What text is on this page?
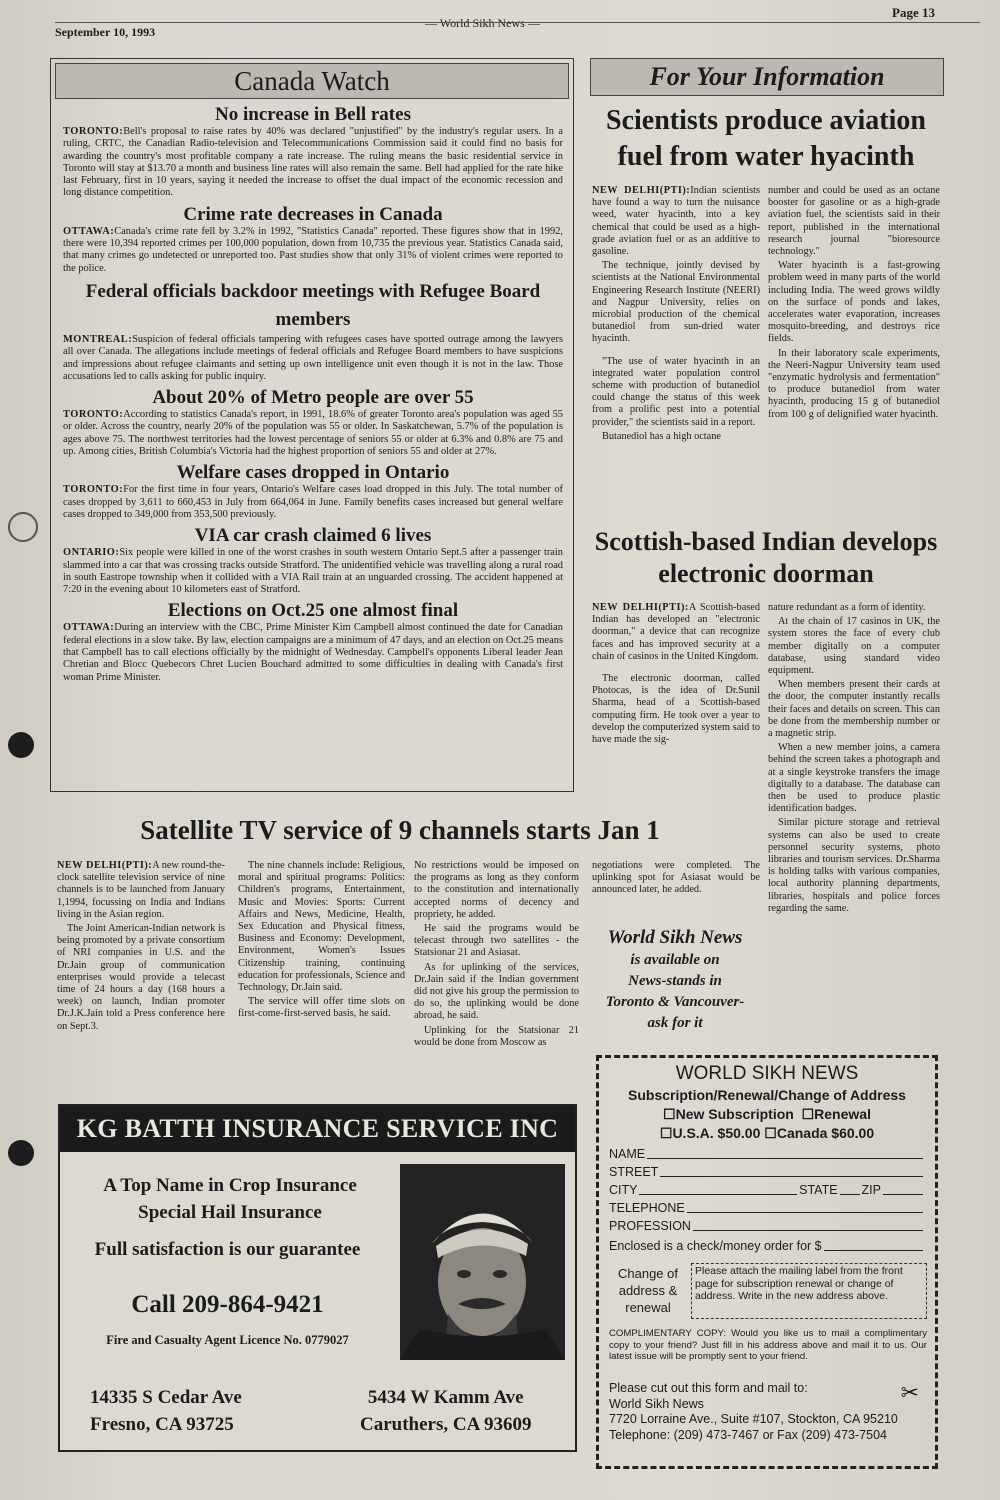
September 10, 1993
— World Sikh News —
Page 13
Canada Watch
No increase in Bell rates

TORONTO:Bell's proposal to raise rates by 40% was declared "unjustified" by the industry's regular users. In a ruling, CRTC, the Canadian Radio-television and Telecommunications Commission said it could find no basis for awarding the country's most profitable company a rate increase. The ruling means the basic residential service in Toronto will stay at $13.70 a month and business line rates will also remain the same. Bell had applied for the rate hike last February, first in 10 years, saying it needed the increase to offset the dual impact of the economic recession and long distance competition.

Crime rate decreases in Canada

OTTAWA:Canada's crime rate fell by 3.2% in 1992, "Statistics Canada" reported. These figures show that in 1992, there were 10,394 reported crimes per 100,000 population, down from 10,735 the previous year. Statistics Canada said, that many crimes go undetected or unreported too. Past studies show that only 31% of violent crimes were reported to the police.

Federal officials backdoor meetings with Refugee Board members

MONTREAL:Suspicion of federal officials tampering with refugees cases have sported outrage among the lawyers all over Canada. The allegations include meetings of federal officials and Refugee Board members to have suspicions and impressions about refugee claimants and setting up own intelligence unit even though it is not in the law. Those accusations led to calls asking for public inquiry.

About 20% of Metro people are over 55

TORONTO:According to statistics Canada's report, in 1991, 18.6% of greater Toronto area's population was aged 55 or older. Across the country, nearly 20% of the population was 55 or older. In Saskatchewan, 5.7% of the population is ages above 75. The northwest territories had the lowest percentage of seniors 55 or older at 6.3% and 0.8% are 75 and up. Among cities, British Columbia's Victoria had the highest proportion of seniors 55 and older at 27%.

Welfare cases dropped in Ontario

TORONTO:For the first time in four years, Ontario's Welfare cases load dropped in this July. The total number of cases dropped by 3,611 to 660,453 in July from 664,064 in June. Family benefits cases increased but general welfare cases dropped to 349,000 from 353,500 previously.

VIA car crash claimed 6 lives

ONTARIO:Six people were killed in one of the worst crashes in south western Ontario Sept.5 after a passenger train slammed into a car that was crossing tracks outside Stratford. The unidentified vehicle was travelling along a rural road in south Eastrope township when it collided with a VIA Rail train at an unguarded crossing. The accident happened at 7:20 in the evening about 10 kilometers east of Stratford.

Elections on Oct.25 one almost final

OTTAWA:During an interview with the CBC, Prime Minister Kim Campbell almost continued the date for Canadian federal elections in a slow take. By law, election campaigns are a minimum of 47 days, and an election on Oct.25 means that Campbell has to call elections officially by the midnight of Wednesday. Campbell's opponents Liberal leader Jean Chretian and Blocc Quebecors Chret Lucien Bouchard admitted to some difficulties in dealing with Canada's first woman Prime Minister.

For Your Information
Scientists produce aviation fuel from water hyacinth

NEW DELHI(PTI):Indian scientists have found a way to turn the nuisance weed, water hyacinth, into a key chemical that could be used as a high-grade aviation fuel or as an additive to gasoline.

The technique, jointly devised by scientists at the National Environmental Engineering Research Institute (NEERI) and Nagpur University, relies on microbial production of the chemical butanediol from sun-dried water hyacinth.

"The use of water hyacinth in an integrated water population control scheme with production of butanediol could change the status of this week from a prolific pest into a potential provider," the scientists said in a report.

Butanediol has a high octane

number and could be used as an octane booster for gasoline or as a high-grade aviation fuel, the scientists said in their report, published in the international research journal "bioresource technology."

Water hyacinth is a fast-growing problem weed in many parts of the world including India. The weed grows wildly on the surface of ponds and lakes, accelerates water evaporation, increases mosquito-breeding, and destroys rice fields.

In their laboratory scale experiments, the Neeri-Nagpur University team used "enzymatic hydrolysis and fermentation" to produce butanediol from water hyacinth, producing 15 g of butanediol from 100 g of delignified water hyacinth.

Scottish-based Indian develops electronic doorman

NEW DELHI(PTI):A Scottish-based Indian has developed an "electronic doorman," a device that can recognize faces and has improved security at a chain of casinos in the United Kingdom.

The electronic doorman, called Photocas, is the idea of Dr.Sunil Sharma, head of a Scottish-based computing firm. He took over a year to develop the computerized system said to have made the sig-

nature redundant as a form of identity.

At the chain of 17 casinos in UK, the system stores the face of every club member digitally on a computer database, using standard video equipment.

When members present their cards at the door, the computer instantly recalls their faces and details on screen. This can be done from the membership number or a magnetic strip.

When a new member joins, a camera behind the screen takes a photograph and at a single keystroke transfers the image digitally to a database. The database can then be used to produce plastic identification badges.

Similar picture storage and retrieval systems can also be used to create personnel security systems, photo libraries and tourism services. Dr.Sharma is holding talks with various companies, local authority planning departments, libraries, hospitals and police forces regarding the same.

Satellite TV service of 9 channels starts Jan 1

NEW DELHI(PTI):A new round-the-clock satellite television service of nine channels is to be launched from January 1,1994, focussing on India and Indians living in the Asian region.

The Joint American-Indian network is being promoted by a private consortium of NRI companies in U.S. and the Dr.Jain group of communication enterprises would provide a telecast time of 24 hours a day (168 hours a week) on launch, Indian promoter Dr.J.K.Jain told a Press conference here on Sept.3.

The nine channels include: Religious, moral and spiritual programs: Politics: Children's programs, Entertainment, Music and Movies: Sports: Current Affairs and News, Medicine, Health, Sex Education and Physical fitness, Business and Economy: Development, Environment, Women's Issues Citizenship training, continuing education for professionals, Science and Technology, Dr.Jain said.

The service will offer time slots on first-come-first-served basis, he said.

No restrictions would be imposed on the programs as long as they conform to the constitution and internationally accepted norms of decency and propriety, he added.

He said the programs would be telecast through two satellites - the Statsionar 21 and Asiasat.

As for uplinking of the services, Dr.Jain said if the Indian government did not give his group the permission to do so, the uplinking would be done abroad, he said.

Uplinking for the Statsionar 21 would be done from Moscow as

negotiations were completed. The uplinking spot for Asiasat would be announced later, he added.

World Sikh News
is available on
News-stands in
Toronto & Vancouver-
ask for it
KG BATTH INSURANCE SERVICE INC
A Top Name in Crop Insurance
Special Hail Insurance
Full satisfaction is our guarantee
Call 209-864-9421
Fire and Casualty Agent Licence No. 0779027
14335 S Cedar Ave
Fresno, CA 93725
5434 W Kamm Ave
Caruthers, CA 93609
WORLD SIKH NEWS
Subscription/Renewal/Change of Address
☐New Subscription ☐Renewal
☐U.S.A. $50.00 ☐Canada $60.00
NAME
STREET
CITY	STATE ZIP
TELEPHONE
PROFESSION
Enclosed is a check/money order for $
Change of
address &
renewal
Please attach the mailing label from the front page for subscription renewal or change of address. Write in the new address above.
COMPLIMENTARY COPY: Would you like us to mail a complimentary copy to your friend? Just fill in his address above and mail it to us. Our latest issue will be promptly sent to your friend.
Please cut out this form and mail to:
World Sikh News
7720 Lorraine Ave., Suite #107, Stockton, CA 95210
Telephone: (209) 473-7467 or Fax (209) 473-7504
✂
